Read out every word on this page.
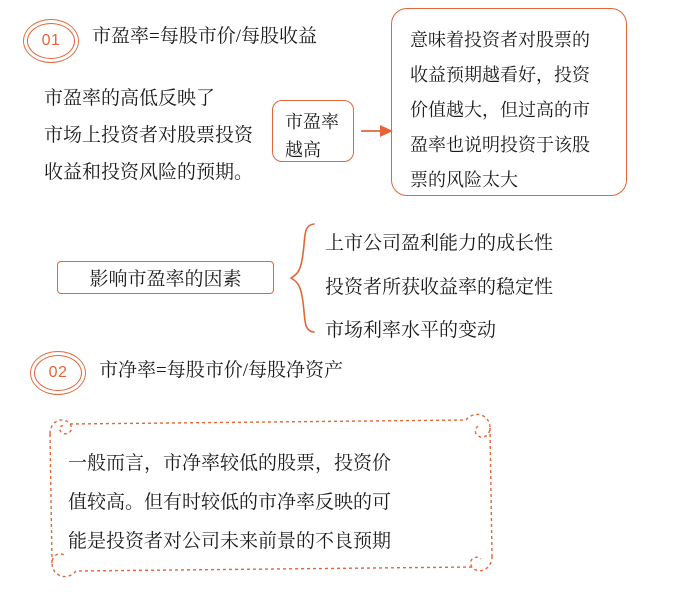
01	市盈率=每股市价/每股收益
市盈率的高低反映了
市场上投资者对股票投资
收益和投资风险的预期。
市盈率
越高
意味着投资者对股票的
收益预期越看好，投资
价值越大，但过高的市
盈率也说明投资于该股
票的风险太大
影响市盈率的因素
上市公司盈利能力的成长性
投资者所获收益率的稳定性
市场利率水平的变动
02	市净率=每股市价/每股净资产
一般而言，市净率较低的股票，投资价
值较高。但有时较低的市净率反映的可
能是投资者对公司未来前景的不良预期
